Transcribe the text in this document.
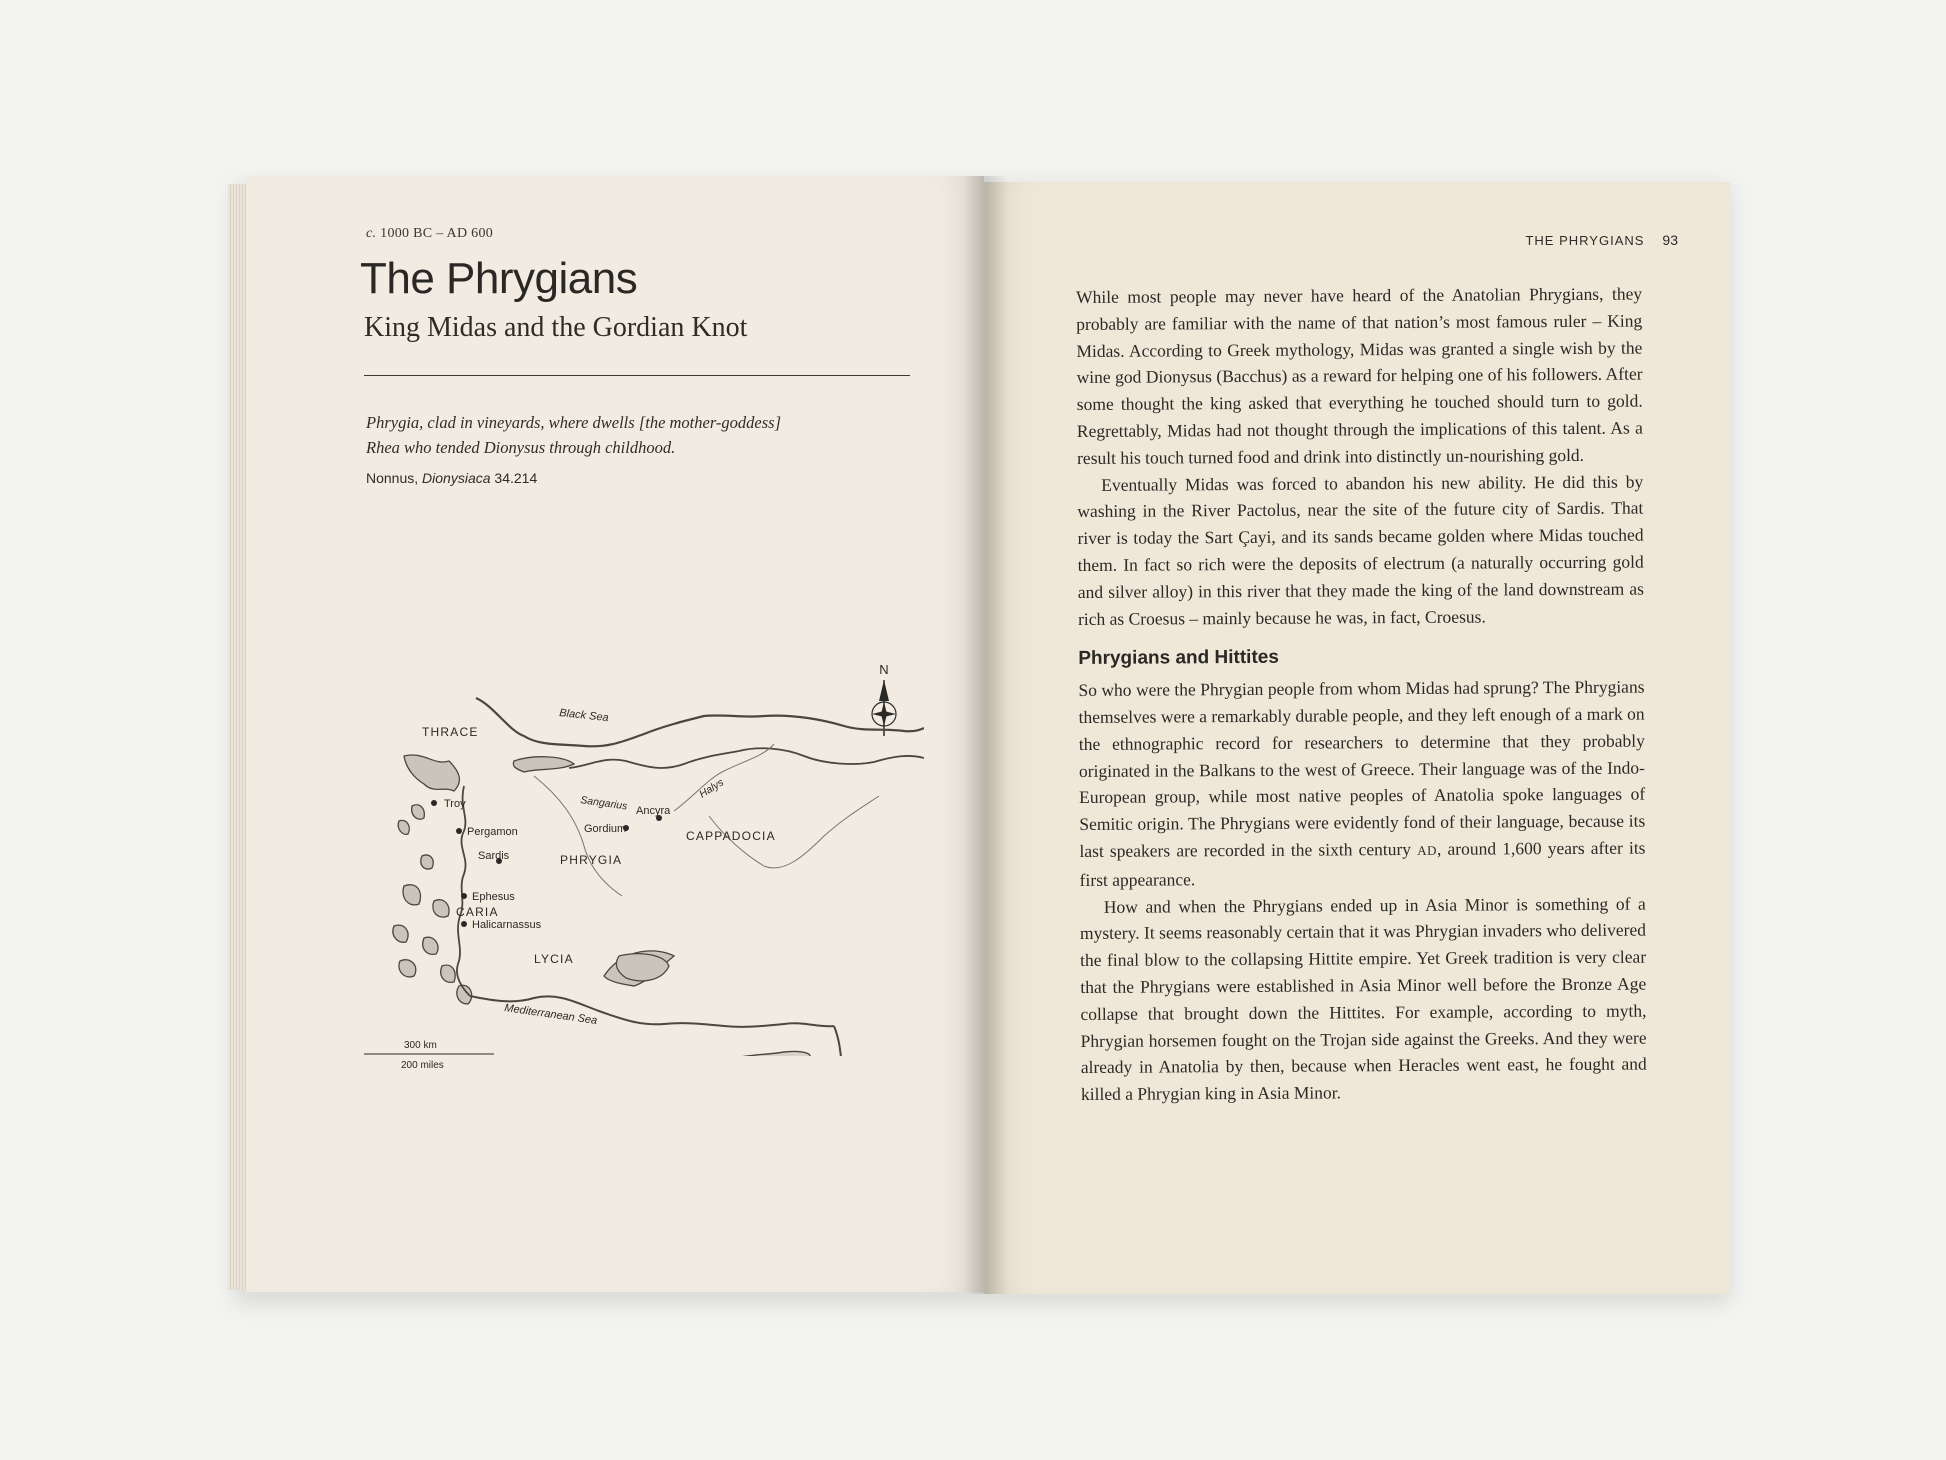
c. 1000 BC – AD 600
The Phrygians
King Midas and the Gordian Knot
Phrygia, clad in vineyards, where dwells [the mother-goddess]
Rhea who tended Dionysus through childhood.
Nonnus, Dionysiaca 34.214
N
THRACE
Black Sea
Troy
Pergamon
Sardis
Ephesus
CARIA
Halicarnassus
LYCIA
PHRYGIA
Gordium
Ancyra
Sangarius
Halys
CAPPADOCIA
Mediterranean Sea
300 km
200 miles
THE PHRYGIANS 93

While most people may never have heard of the Anatolian Phrygians, they probably are familiar with the name of that nation’s most famous ruler – King Midas. According to Greek mythology, Midas was granted a single wish by the wine god Dionysus (Bacchus) as a reward for helping one of his followers. After some thought the king asked that everything he touched should turn to gold. Regrettably, Midas had not thought through the implications of this talent. As a result his touch turned food and drink into distinctly un-nourishing gold.

Eventually Midas was forced to abandon his new ability. He did this by washing in the River Pactolus, near the site of the future city of Sardis. That river is today the Sart Çayi, and its sands became golden where Midas touched them. In fact so rich were the deposits of electrum (a naturally occurring gold and silver alloy) in this river that they made the king of the land downstream as rich as Croesus – mainly because he was, in fact, Croesus.

Phrygians and Hittites

So who were the Phrygian people from whom Midas had sprung? The Phrygians themselves were a remarkably durable people, and they left enough of a mark on the ethnographic record for researchers to determine that they probably originated in the Balkans to the west of Greece. Their language was of the Indo-European group, while most native peoples of Anatolia spoke languages of Semitic origin. The Phrygians were evidently fond of their language, because its last speakers are recorded in the sixth century AD, around 1,600 years after its first appearance.

How and when the Phrygians ended up in Asia Minor is something of a mystery. It seems reasonably certain that it was Phrygian invaders who delivered the final blow to the collapsing Hittite empire. Yet Greek tradition is very clear that the Phrygians were established in Asia Minor well before the Bronze Age collapse that brought down the Hittites. For example, according to myth, Phrygian horsemen fought on the Trojan side against the Greeks. And they were already in Anatolia by then, because when Heracles went east, he fought and killed a Phrygian king in Asia Minor.
